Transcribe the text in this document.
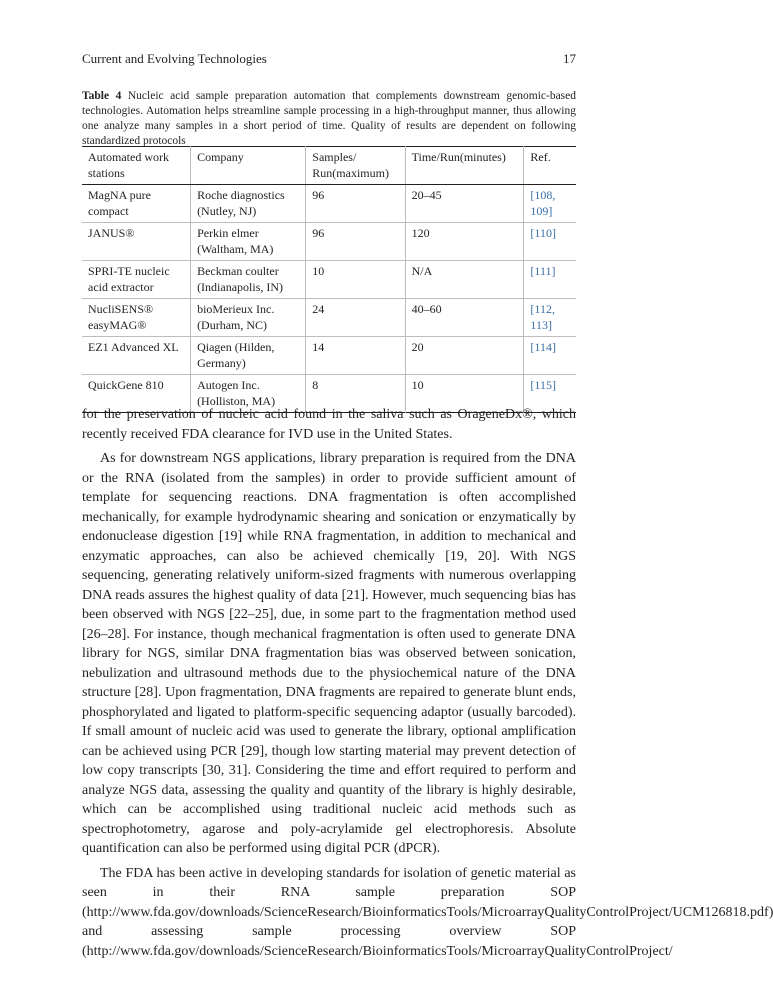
Current and Evolving Technologies	17
Table 4 Nucleic acid sample preparation automation that complements downstream genomic-based technologies. Automation helps streamline sample processing in a high-throughput manner, thus allowing one analyze many samples in a short period of time. Quality of results are dependent on following standardized protocols
Automated work stations	Company	Samples/ Run(maximum)	Time/Run(minutes)	Ref.
MagNA pure compact	Roche diagnostics (Nutley, NJ)	96	20–45	[108, 109]
JANUS®	Perkin elmer (Waltham, MA)	96	120	[110]
SPRI-TE nucleic acid extractor	Beckman coulter (Indianapolis, IN)	10	N/A	[111]
NucliSENS® easyMAG®	bioMerieux Inc. (Durham, NC)	24	40–60	[112, 113]
EZ1 Advanced XL	Qiagen (Hilden, Germany)	14	20	[114]
QuickGene 810	Autogen Inc. (Holliston, MA)	8	10	[115]

for the preservation of nucleic acid found in the saliva such as OrageneDx®, which recently received FDA clearance for IVD use in the United States.

As for downstream NGS applications, library preparation is required from the DNA or the RNA (isolated from the samples) in order to provide sufficient amount of template for sequencing reactions. DNA fragmentation is often accomplished mechanically, for example hydrodynamic shearing and sonication or enzymatically by endonuclease digestion [19] while RNA fragmentation, in addition to mechanical and enzymatic approaches, can also be achieved chemically [19, 20]. With NGS sequencing, generating relatively uniform-sized fragments with numerous overlapping DNA reads assures the highest quality of data [21]. However, much sequencing bias has been observed with NGS [22–25], due, in some part to the fragmentation method used [26–28]. For instance, though mechanical fragmentation is often used to generate DNA library for NGS, similar DNA fragmentation bias was observed between sonication, nebulization and ultrasound methods due to the physiochemical nature of the DNA structure [28]. Upon fragmentation, DNA fragments are repaired to generate blunt ends, phosphorylated and ligated to platform-specific sequencing adaptor (usually barcoded). If small amount of nucleic acid was used to generate the library, optional amplification can be achieved using PCR [29], though low starting material may prevent detection of low copy transcripts [30, 31]. Considering the time and effort required to perform and analyze NGS data, assessing the quality and quantity of the library is highly desirable, which can be accomplished using traditional nucleic acid methods such as spectrophotometry, agarose and poly-acrylamide gel electrophoresis. Absolute quantification can also be performed using digital PCR (dPCR).

The FDA has been active in developing standards for isolation of genetic material as seen in their RNA sample preparation SOP (http://www.fda.gov/downloads/ScienceResearch/BioinformaticsTools/MicroarrayQualityControlProject/UCM126818.pdf) and assessing sample processing overview SOP (http://www.fda.gov/downloads/ScienceResearch/BioinformaticsTools/MicroarrayQualityControlProject/
